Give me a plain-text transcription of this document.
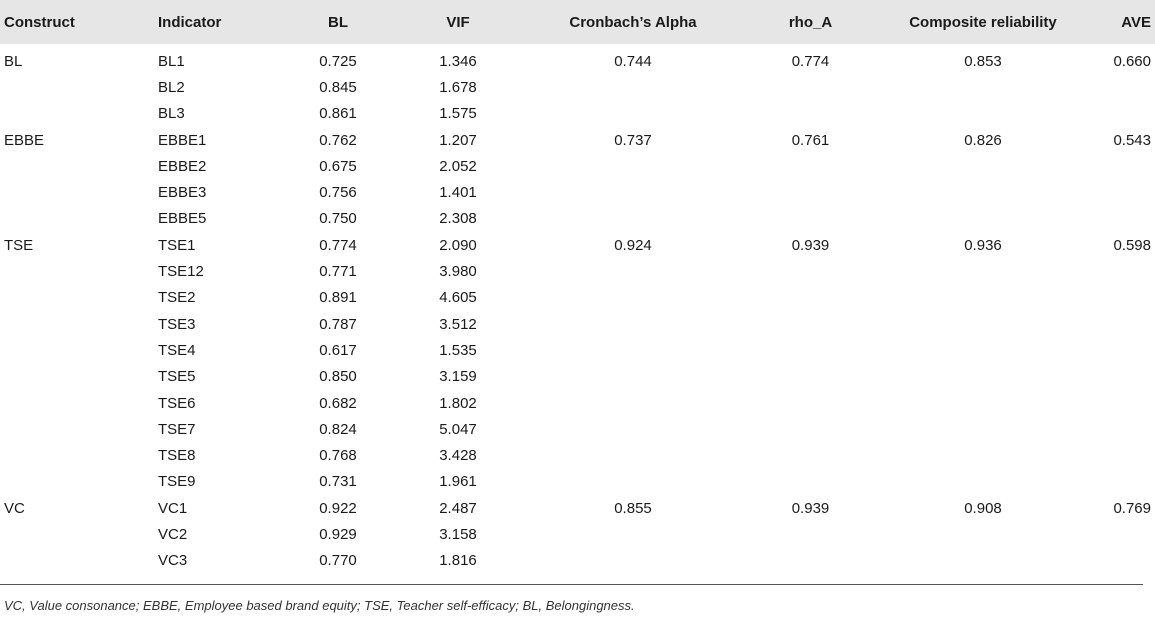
Construct	Indicator	BL	VIF	Cronbach’s Alpha	rho_A	Composite reliability	AVE
BL	BL1	0.725	1.346	0.744	0.774	0.853	0.660
	BL2	0.845	1.678				
	BL3	0.861	1.575				
EBBE	EBBE1	0.762	1.207	0.737	0.761	0.826	0.543
	EBBE2	0.675	2.052				
	EBBE3	0.756	1.401				
	EBBE5	0.750	2.308				
TSE	TSE1	0.774	2.090	0.924	0.939	0.936	0.598
	TSE12	0.771	3.980				
	TSE2	0.891	4.605				
	TSE3	0.787	3.512				
	TSE4	0.617	1.535				
	TSE5	0.850	3.159				
	TSE6	0.682	1.802				
	TSE7	0.824	5.047				
	TSE8	0.768	3.428				
	TSE9	0.731	1.961				
VC	VC1	0.922	2.487	0.855	0.939	0.908	0.769
	VC2	0.929	3.158				
	VC3	0.770	1.816				
VC, Value consonance; EBBE, Employee based brand equity; TSE, Teacher self-efficacy; BL, Belongingness.
